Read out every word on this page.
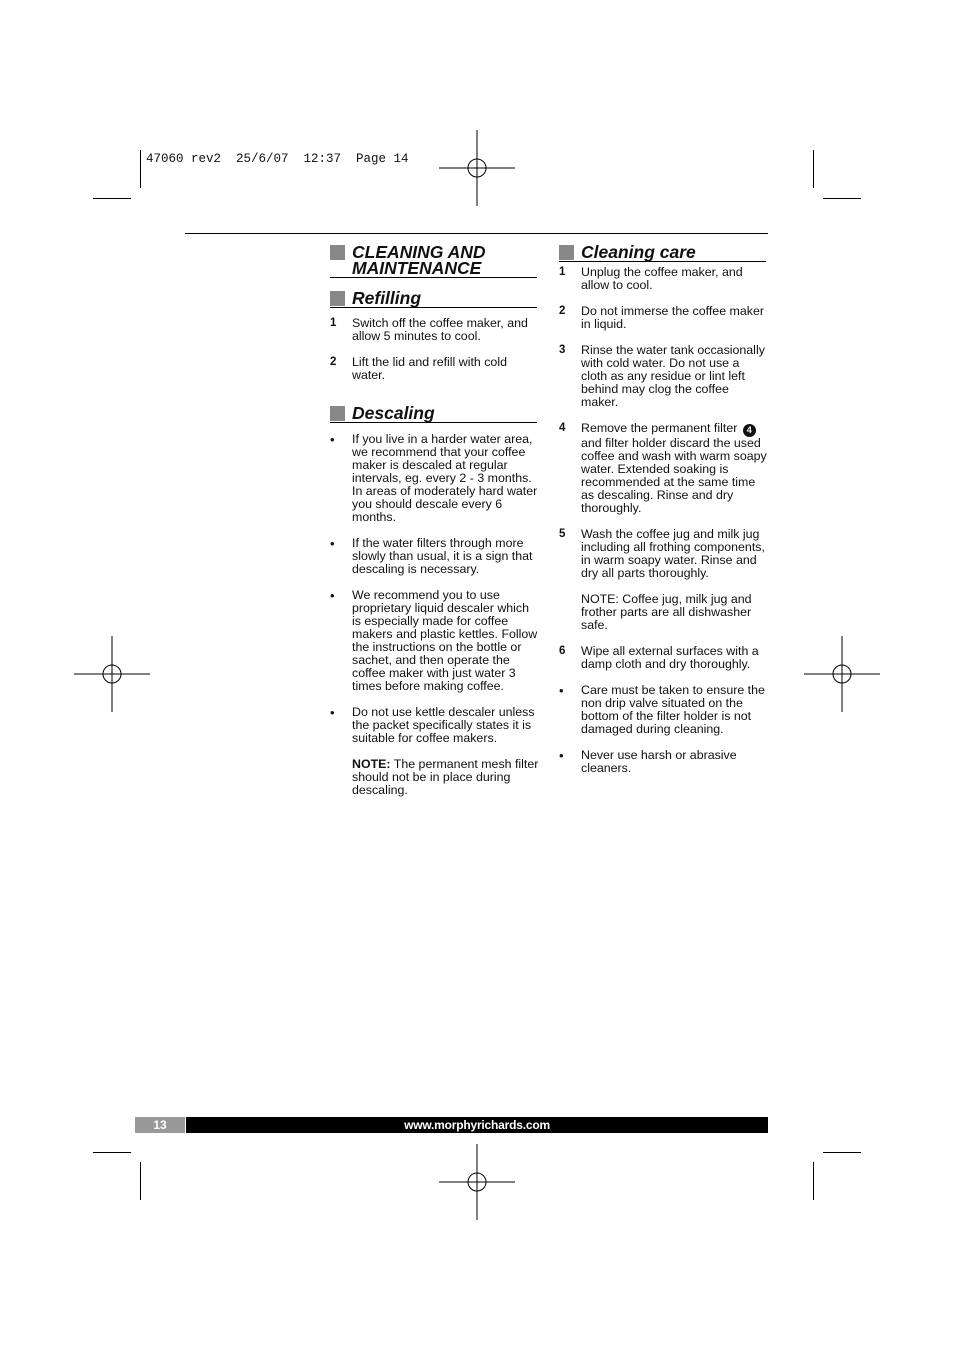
47060 rev2  25/6/07  12:37  Page 14
CLEANING AND
MAINTENANCE
Refilling
1 Switch off the coffee maker, and allow 5 minutes to cool.
2 Lift the lid and refill with cold water.
Descaling
• If you live in a harder water area, we recommend that your coffee maker is descaled at regular intervals, eg. every 2 - 3 months. In areas of moderately hard water you should descale every 6 months.
• If the water filters through more slowly than usual, it is a sign that descaling is necessary.
• We recommend you to use proprietary liquid descaler which is especially made for coffee makers and plastic kettles. Follow the instructions on the bottle or sachet, and then operate the coffee maker with just water 3 times before making coffee.
• Do not use kettle descaler unless the packet specifically states it is suitable for coffee makers.
NOTE: The permanent mesh filter should not be in place during descaling.
Cleaning care
1 Unplug the coffee maker, and allow to cool.
2 Do not immerse the coffee maker in liquid.
3 Rinse the water tank occasionally with cold water. Do not use a cloth as any residue or lint left behind may clog the coffee maker.
4 Remove the permanent filter 4 and filter holder discard the used coffee and wash with warm soapy water. Extended soaking is recommended at the same time as descaling. Rinse and dry thoroughly.
5 Wash the coffee jug and milk jug including all frothing components, in warm soapy water. Rinse and dry all parts thoroughly.
NOTE: Coffee jug, milk jug and frother parts are all dishwasher safe.
6 Wipe all external surfaces with a damp cloth and dry thoroughly.
• Care must be taken to ensure the non drip valve situated on the bottom of the filter holder is not damaged during cleaning.
• Never use harsh or abrasive cleaners.
13	www.morphyrichards.com
